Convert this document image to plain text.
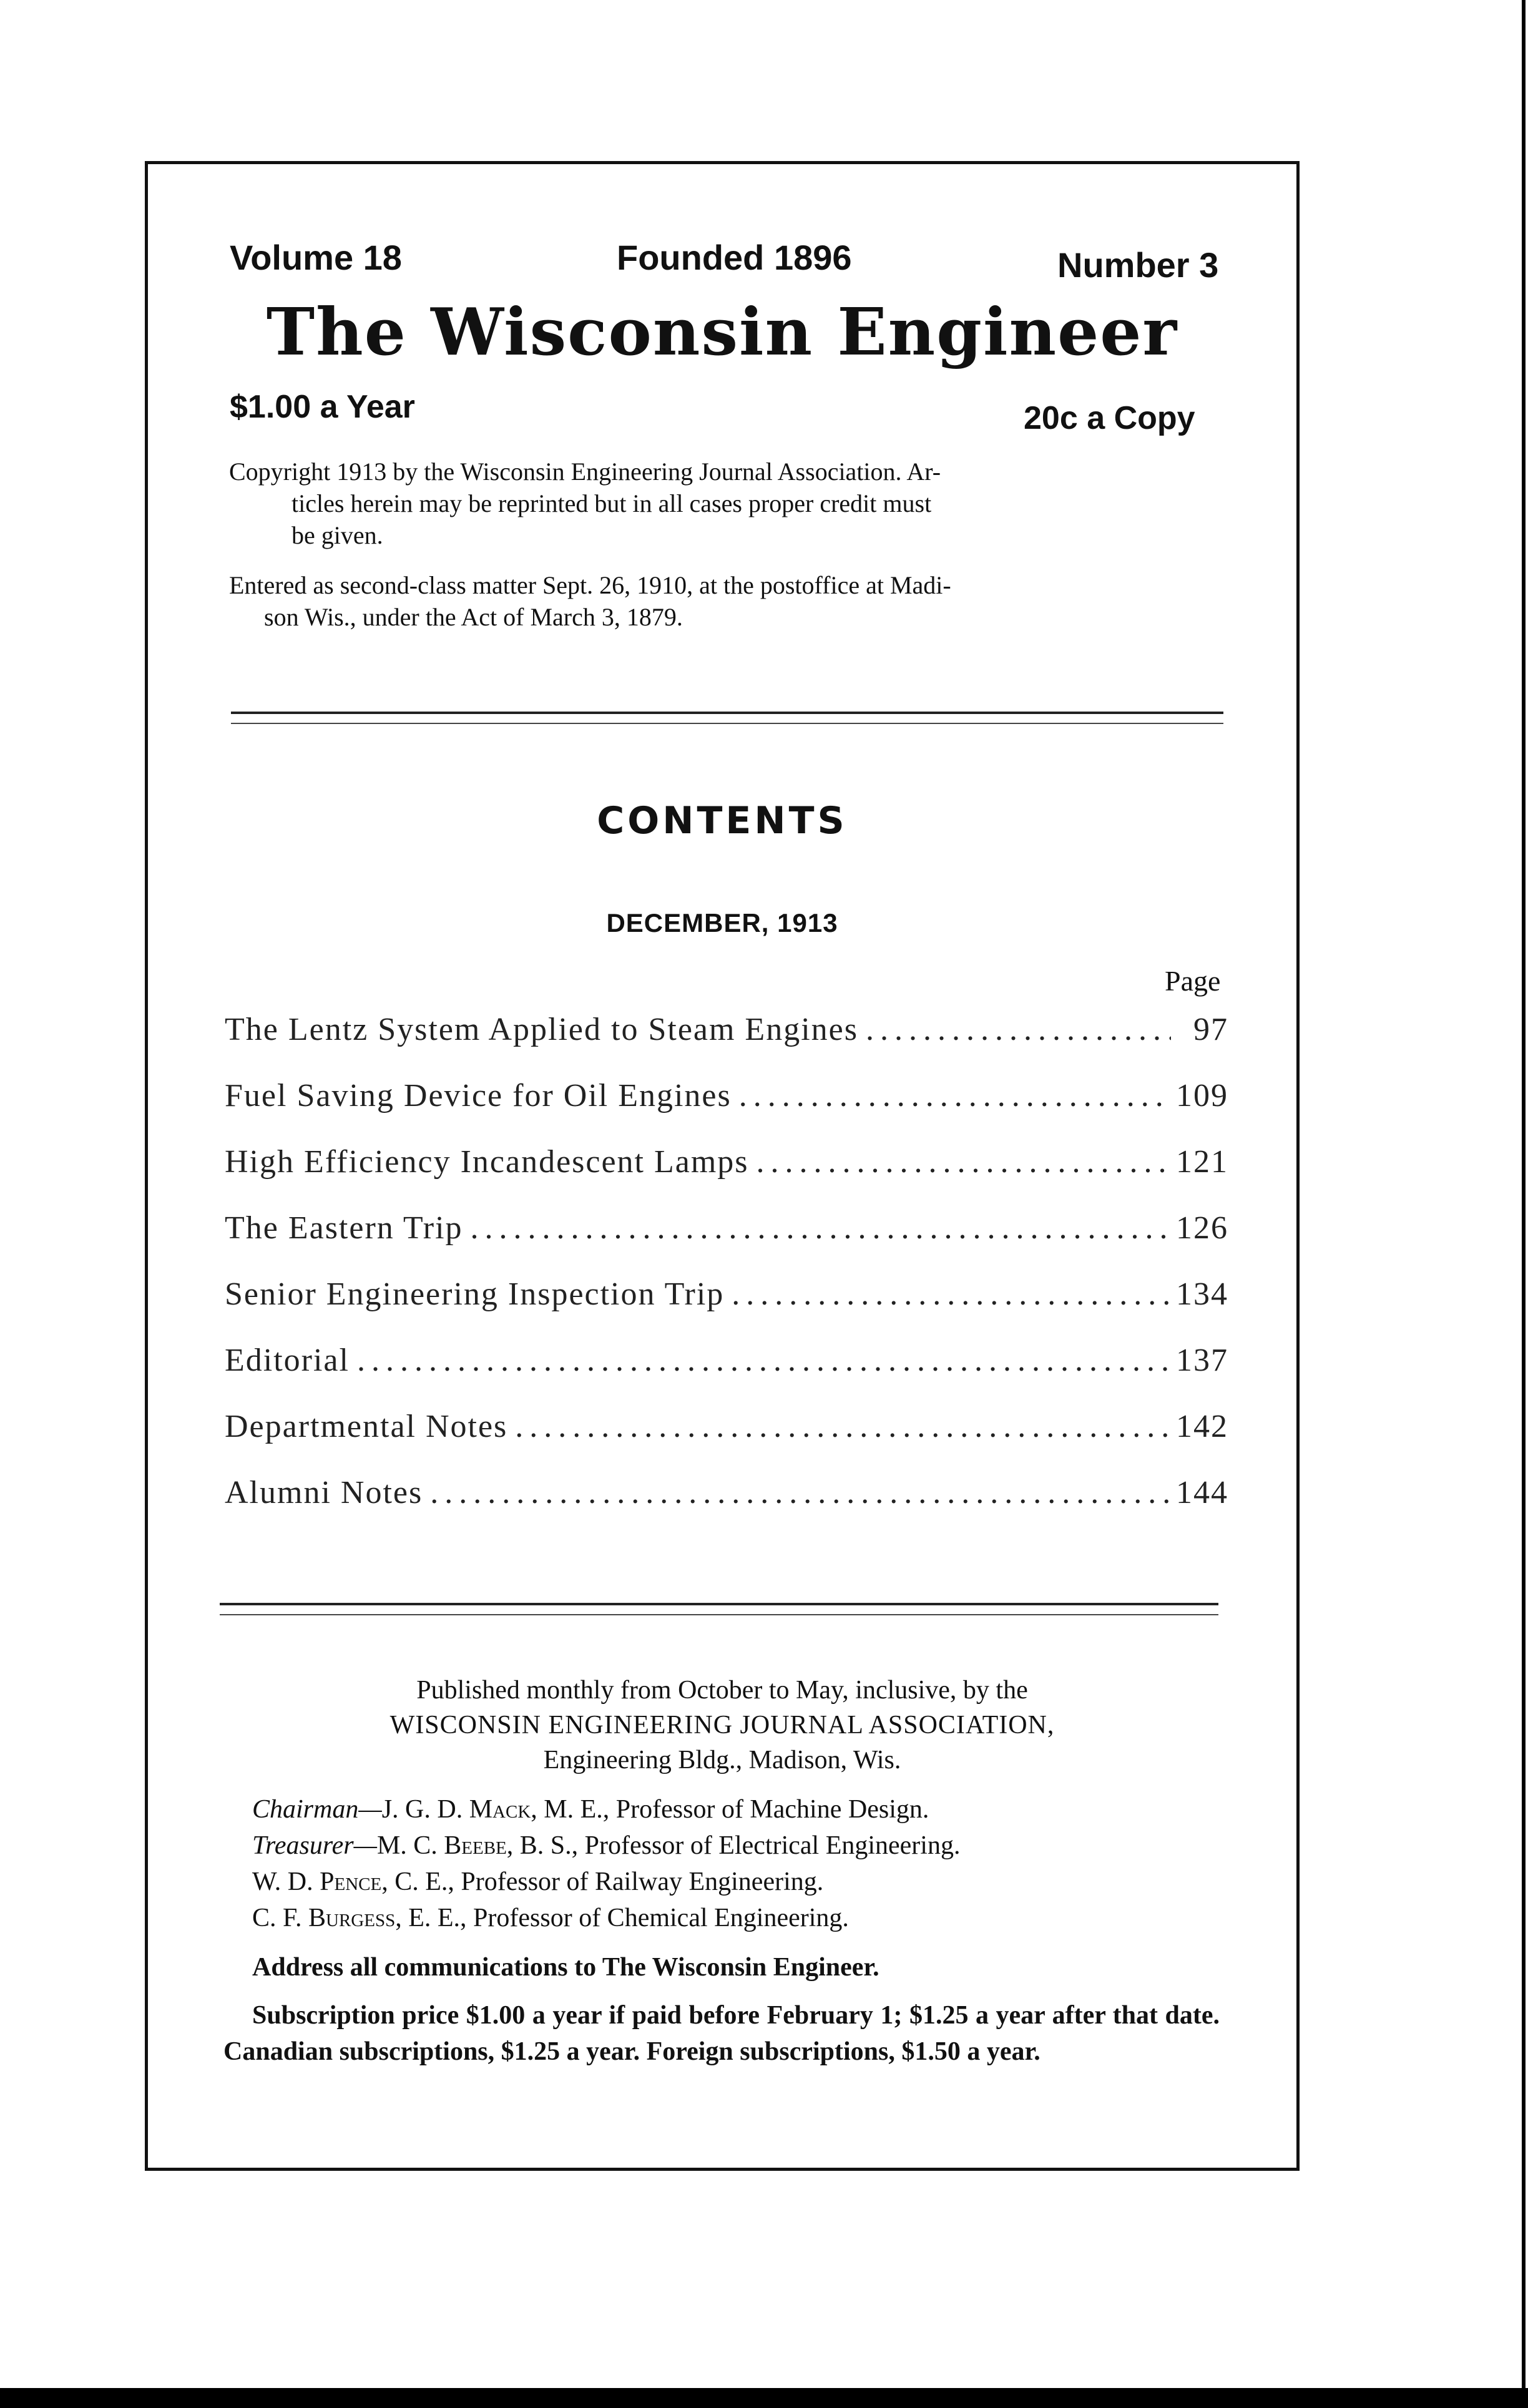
Volume 18	Founded 1896	Number 3
The Wisconsin Engineer
$1.00 a Year	20c a Copy
Copyright 1913 by the Wisconsin Engineering Journal Association. Ar-
ticles herein may be reprinted but in all cases proper credit must
be given.
Entered as second-class matter Sept. 26, 1910, at the postoffice at Madi-
son Wis., under the Act of March 3, 1879.
CONTENTS
DECEMBER, 1913
Page
The Lentz System Applied to Steam Engines .....	97
Fuel Saving Device for Oil Engines .....	109
High Efficiency Incandescent Lamps .....	121
The Eastern Trip .....	126
Senior Engineering Inspection Trip .....	134
Editorial .....	137
Departmental Notes .....	142
Alumni Notes .....	144
Published monthly from October to May, inclusive, by the
WISCONSIN ENGINEERING JOURNAL ASSOCIATION,
Engineering Bldg., Madison, Wis.
Chairman—J. G. D. Mack, M. E., Professor of Machine Design.
Treasurer—M. C. Beebe, B. S., Professor of Electrical Engineering.
W. D. Pence, C. E., Professor of Railway Engineering.
C. F. Burgess, E. E., Professor of Chemical Engineering.
Address all communications to The Wisconsin Engineer.
Subscription price $1.00 a year if paid before February 1; $1.25 a year after that date. Canadian subscriptions, $1.25 a year. Foreign subscriptions, $1.50 a year.
